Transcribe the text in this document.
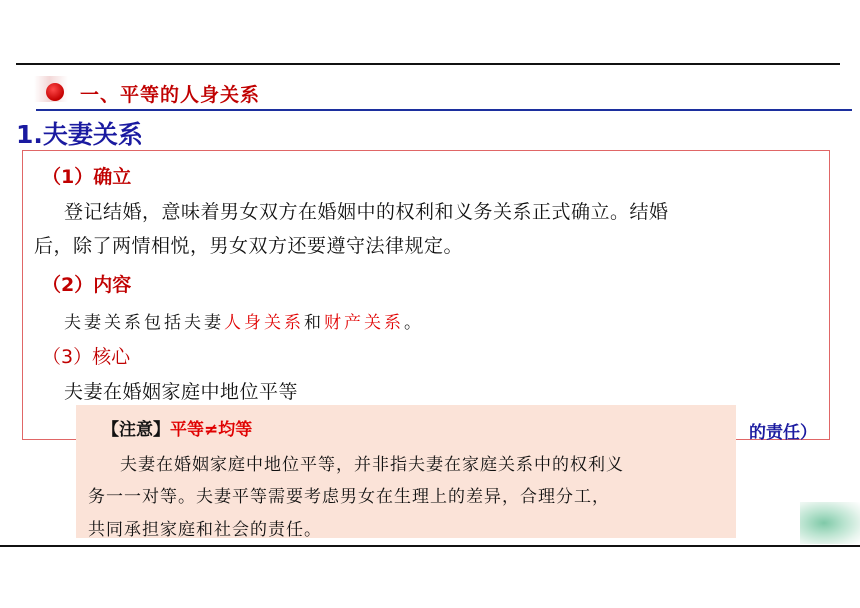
一、平等的人身关系
1.夫妻关系
（1）确立
登记结婚，意味着男女双方在婚姻中的权利和义务关系正式确立。结婚
后，除了两情相悦，男女双方还要遵守法律规定。
（2）内容
夫妻关系包括夫妻人身关系和财产关系。
（3）核心
夫妻在婚姻家庭中地位平等
的责任）
【注意】平等≠均等
夫妻在婚姻家庭中地位平等，并非指夫妻在家庭关系中的权利义
务一一对等。夫妻平等需要考虑男女在生理上的差异，合理分工，
共同承担家庭和社会的责任。
